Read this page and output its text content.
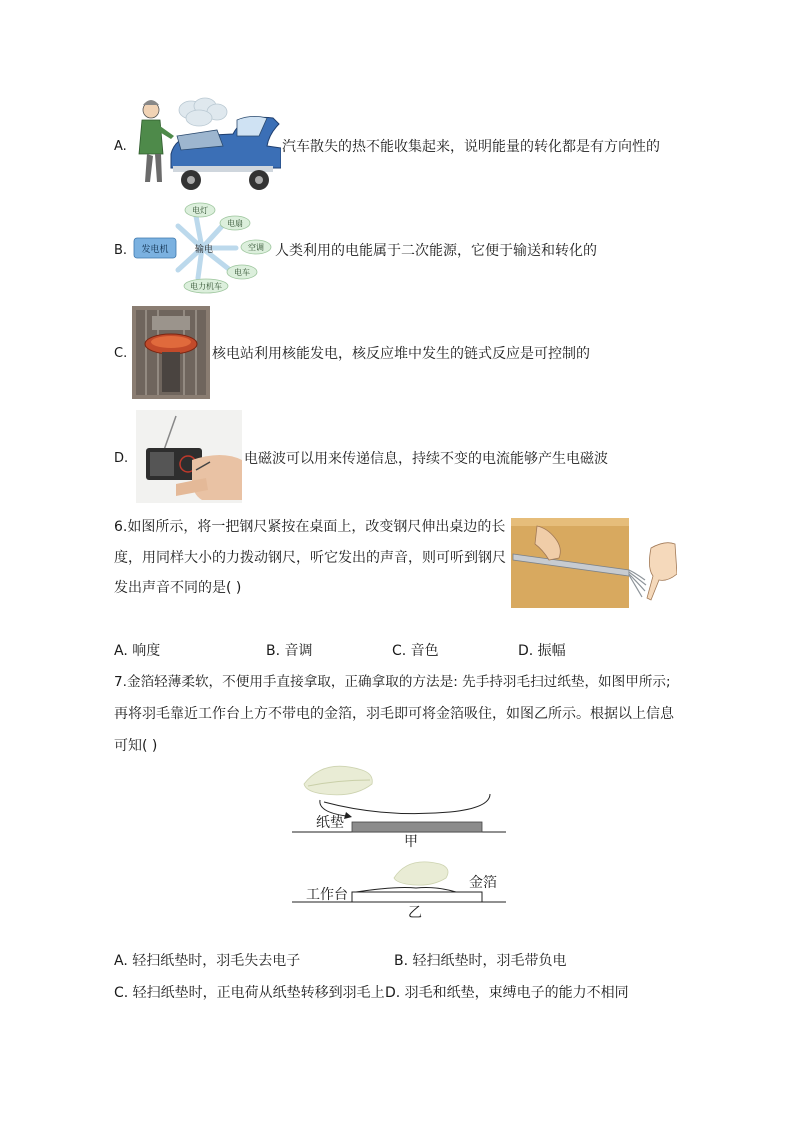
A.	汽车散失的热不能收集起来，说明能量的转化都是有方向性的
发电机	输电
电灯
电扇
空调
电车
电力机车
B.	人类利用的电能属于二次能源，它便于输送和转化的
C.	核电站利用核能发电，核反应堆中发生的链式反应是可控制的
D.	电磁波可以用来传递信息，持续不变的电流能够产生电磁波
6.如图所示，将一把钢尺紧按在桌面上，改变钢尺伸出桌边的长
度，用同样大小的力拨动钢尺，听它发出的声音，则可听到钢尺
发出声音不同的是( )
A. 响度	B. 音调	C. 音色	D. 振幅
7.金箔轻薄柔软，不便用手直接拿取，正确拿取的方法是: 先手持羽毛扫过纸垫，如图甲所示;
再将羽毛靠近工作台上方不带电的金箔，羽毛即可将金箔吸住，如图乙所示。根据以上信息
可知( )
纸垫
甲
工作台
金箔
乙
A. 轻扫纸垫时，羽毛失去电子	B. 轻扫纸垫时，羽毛带负电
C. 轻扫纸垫时，正电荷从纸垫转移到羽毛上 D. 羽毛和纸垫，束缚电子的能力不相同
